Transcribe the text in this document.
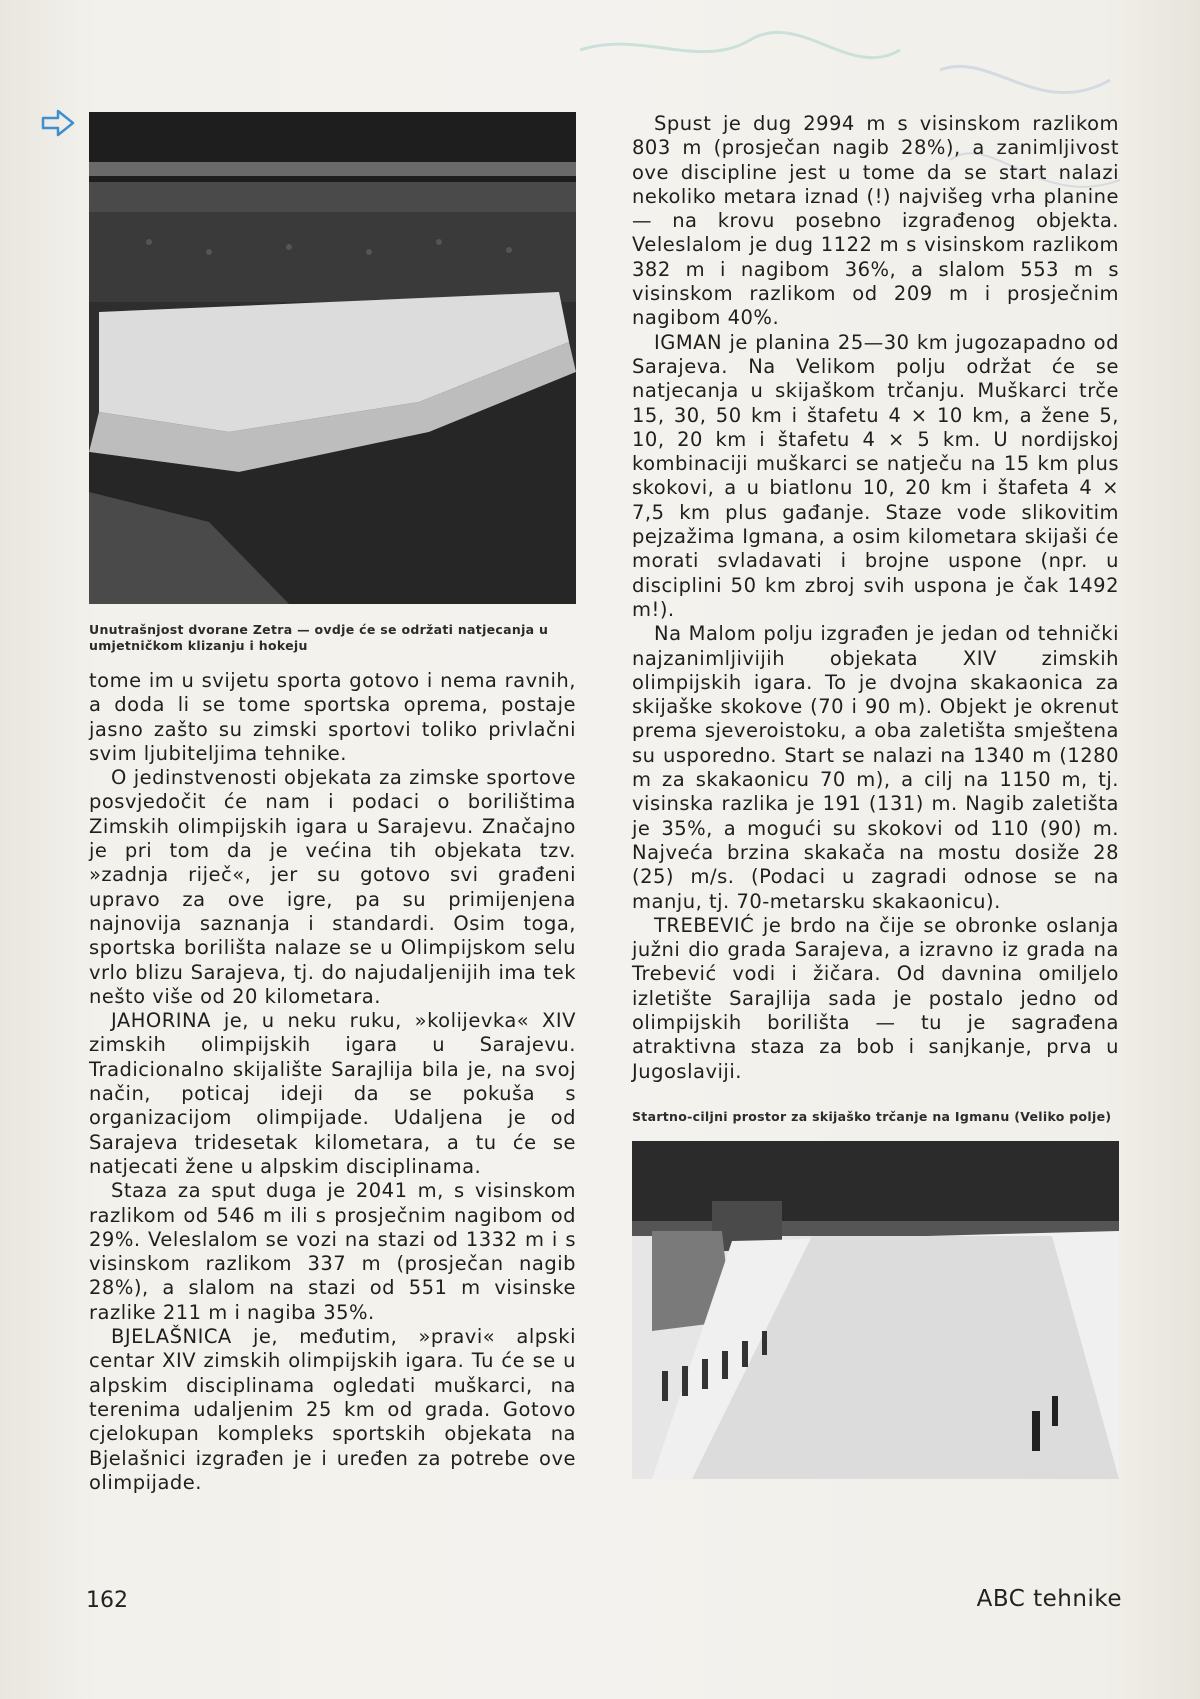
Unutrašnjost dvorane Zetra — ovdje će se održati natjecanja u umjetničkom klizanju i hokeju

tome im u svijetu sporta gotovo i nema ravnih, a doda li se tome sportska oprema, postaje jasno zašto su zimski sportovi toliko privlačni svim ljubiteljima tehnike.

O jedinstvenosti objekata za zimske sportove posvjedočit će nam i podaci o borilištima Zimskih olimpijskih igara u Sarajevu. Značajno je pri tom da je većina tih objekata tzv. »zadnja riječ«, jer su gotovo svi građeni upravo za ove igre, pa su primijenjena najnovija saznanja i standardi. Osim toga, sportska borilišta nalaze se u Olimpijskom selu vrlo blizu Sarajeva, tj. do najudaljenijih ima tek nešto više od 20 kilometara.

JAHORINA je, u neku ruku, »kolijevka« XIV zimskih olimpijskih igara u Sarajevu. Tradicionalno skijalište Sarajlija bila je, na svoj način, poticaj ideji da se pokuša s organizacijom olimpijade. Udaljena je od Sarajeva tridesetak kilometara, a tu će se natjecati žene u alpskim disciplinama.

Staza za sput duga je 2041 m, s visinskom razlikom od 546 m ili s prosječnim nagibom od 29%. Veleslalom se vozi na stazi od 1332 m i s visinskom razlikom 337 m (prosječan nagib 28%), a slalom na stazi od 551 m visinske razlike 211 m i nagiba 35%.

BJELAŠNICA je, međutim, »pravi« alpski centar XIV zimskih olimpijskih igara. Tu će se u alpskim disciplinama ogledati muškarci, na terenima udaljenim 25 km od grada. Gotovo cjelokupan kompleks sportskih objekata na Bjelašnici izgrađen je i uređen za potrebe ove olimpijade.

Spust je dug 2994 m s visinskom razlikom 803 m (prosječan nagib 28%), a zanimljivost ove discipline jest u tome da se start nalazi nekoliko metara iznad (!) najvišeg vrha planine — na krovu posebno izgrađenog objekta. Veleslalom je dug 1122 m s visinskom razlikom 382 m i nagibom 36%, a slalom 553 m s visinskom razlikom od 209 m i prosječnim nagibom 40%.

IGMAN je planina 25—30 km jugozapadno od Sarajeva. Na Velikom polju održat će se natjecanja u skijaškom trčanju. Muškarci trče 15, 30, 50 km i štafetu 4 × 10 km, a žene 5, 10, 20 km i štafetu 4 × 5 km. U nordijskoj kombinaciji muškarci se natječu na 15 km plus skokovi, a u biatlonu 10, 20 km i štafeta 4 × 7,5 km plus gađanje. Staze vode slikovitim pejzažima Igmana, a osim kilometara skijaši će morati svladavati i brojne uspone (npr. u disciplini 50 km zbroj svih uspona je čak 1492 m!).

Na Malom polju izgrađen je jedan od tehnički najzanimljivijih objekata XIV zimskih olimpijskih igara. To je dvojna skakaonica za skijaške skokove (70 i 90 m). Objekt je okrenut prema sjeveroistoku, a oba zaletišta smještena su usporedno. Start se nalazi na 1340 m (1280 m za skakaonicu 70 m), a cilj na 1150 m, tj. visinska razlika je 191 (131) m. Nagib zaletišta je 35%, a mogući su skokovi od 110 (90) m. Najveća brzina skakača na mostu dosiže 28 (25) m/s. (Podaci u zagradi odnose se na manju, tj. 70-metarsku skakaonicu).

TREBEVIĆ je brdo na čije se obronke oslanja južni dio grada Sarajeva, a izravno iz grada na Trebević vodi i žičara. Od davnina omiljelo izletište Sarajlija sada je postalo jedno od olimpijskih borilišta — tu je sagrađena atraktivna staza za bob i sanjkanje, prva u Jugoslaviji.

Startno-ciljni prostor za skijaško trčanje na Igmanu (Veliko polje)
162	ABC tehnike
